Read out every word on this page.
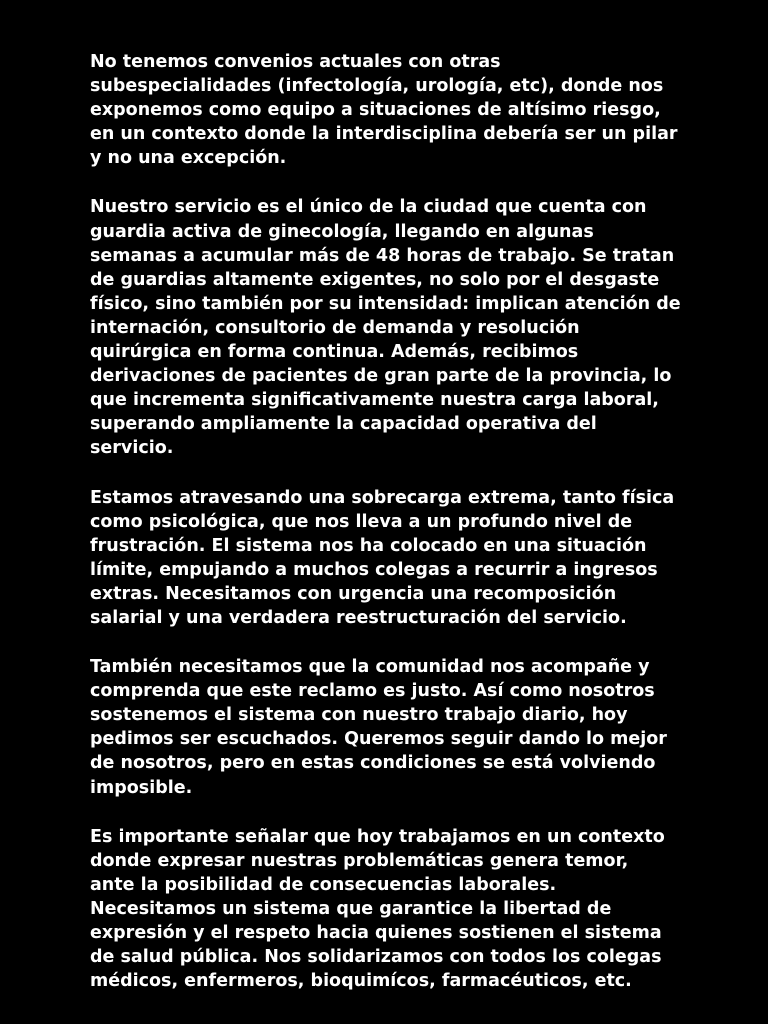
No tenemos convenios actuales con otras
subespecialidades (infectología, urología, etc), donde nos
exponemos como equipo a situaciones de altísimo riesgo,
en un contexto donde la interdisciplina debería ser un pilar
y no una excepción.

Nuestro servicio es el único de la ciudad que cuenta con
guardia activa de ginecología, llegando en algunas
semanas a acumular más de 48 horas de trabajo. Se tratan
de guardias altamente exigentes, no solo por el desgaste
físico, sino también por su intensidad: implican atención de
internación, consultorio de demanda y resolución
quirúrgica en forma continua. Además, recibimos
derivaciones de pacientes de gran parte de la provincia, lo
que incrementa significativamente nuestra carga laboral,
superando ampliamente la capacidad operativa del
servicio.

Estamos atravesando una sobrecarga extrema, tanto física
como psicológica, que nos lleva a un profundo nivel de
frustración. El sistema nos ha colocado en una situación
límite, empujando a muchos colegas a recurrir a ingresos
extras. Necesitamos con urgencia una recomposición
salarial y una verdadera reestructuración del servicio.

También necesitamos que la comunidad nos acompañe y
comprenda que este reclamo es justo. Así como nosotros
sostenemos el sistema con nuestro trabajo diario, hoy
pedimos ser escuchados. Queremos seguir dando lo mejor
de nosotros, pero en estas condiciones se está volviendo
imposible.

Es importante señalar que hoy trabajamos en un contexto
donde expresar nuestras problemáticas genera temor,
ante la posibilidad de consecuencias laborales.
Necesitamos un sistema que garantice la libertad de
expresión y el respeto hacia quienes sostienen el sistema
de salud pública. Nos solidarizamos con todos los colegas
médicos, enfermeros, bioquimícos, farmacéuticos, etc.
